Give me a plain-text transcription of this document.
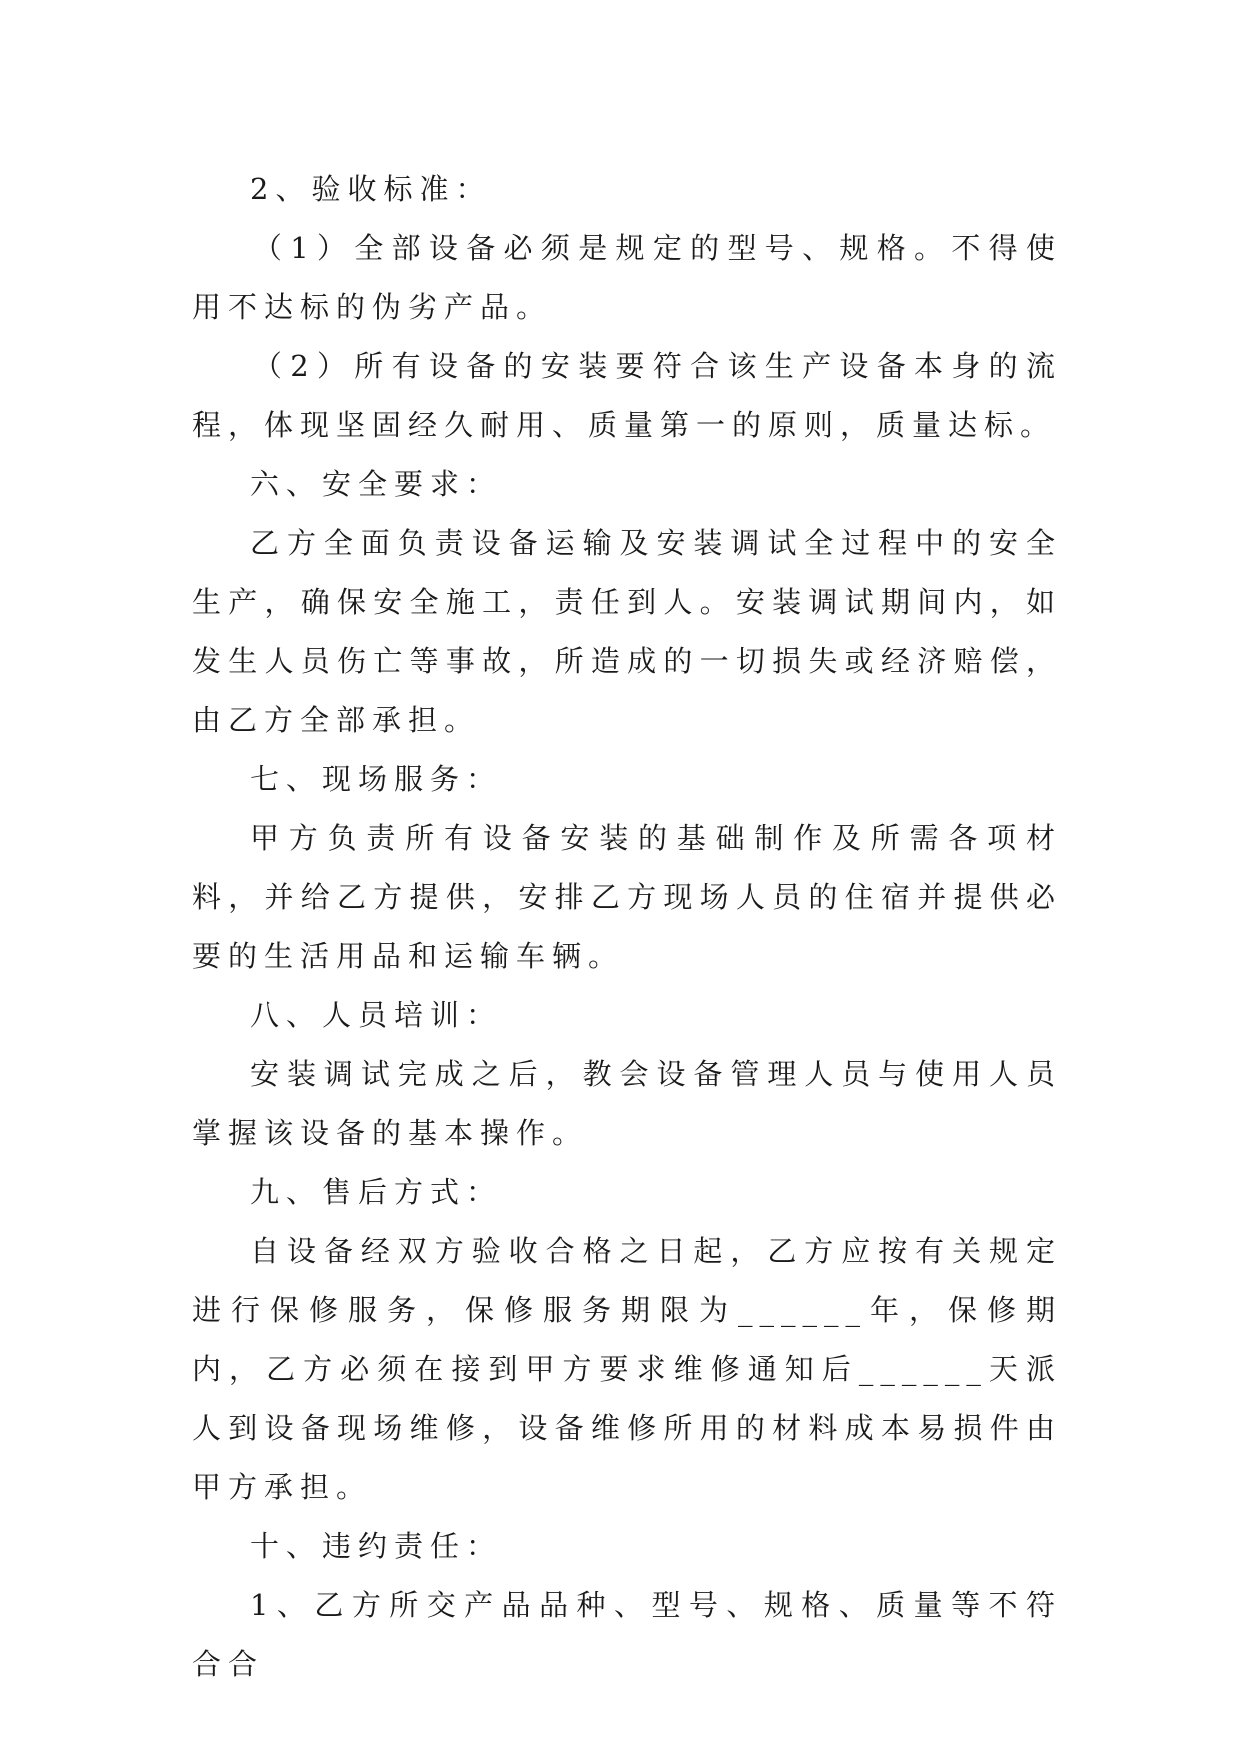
2、验收标准：

（1）全部设备必须是规定的型号、规格。不得使用不达标的伪劣产品。

（2）所有设备的安装要符合该生产设备本身的流程，体现坚固经久耐用、质量第一的原则，质量达标。

六、安全要求：

乙方全面负责设备运输及安装调试全过程中的安全生产，确保安全施工，责任到人。安装调试期间内，如发生人员伤亡等事故，所造成的一切损失或经济赔偿，由乙方全部承担。

七、现场服务：

甲方负责所有设备安装的基础制作及所需各项材料，并给乙方提供，安排乙方现场人员的住宿并提供必要的生活用品和运输车辆。

八、人员培训：

安装调试完成之后，教会设备管理人员与使用人员掌握该设备的基本操作。

九、售后方式：

自设备经双方验收合格之日起，乙方应按有关规定进行保修服务，保修服务期限为______年，保修期内，乙方必须在接到甲方要求维修通知后______天派人到设备现场维修，设备维修所用的材料成本易损件由甲方承担。

十、违约责任：

1、乙方所交产品品种、型号、规格、质量等不符合合
